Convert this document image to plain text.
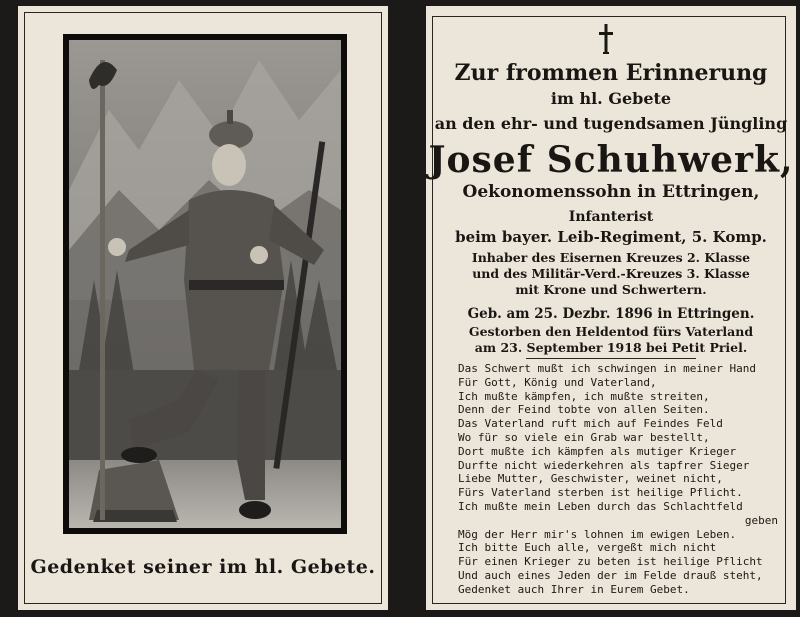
Gedenket seiner im hl. Gebete.
Zur frommen Erinnerung
im hl. Gebete
an den ehr- und tugendsamen Jüngling
Josef Schuhwerk,
Oekonomenssohn in Ettringen,
Infanterist
beim bayer. Leib-Regiment, 5. Komp.
Inhaber des Eisernen Kreuzes 2. Klasse
und des Militär-Verd.-Kreuzes 3. Klasse
mit Krone und Schwertern.
Geb. am 25. Dezbr. 1896 in Ettringen.
Gestorben den Heldentod fürs Vaterland
am 23. September 1918 bei Petit Priel.
Das Schwert mußt ich schwingen in meiner Hand
Für Gott, König und Vaterland,
Ich mußte kämpfen, ich mußte streiten,
Denn der Feind tobte von allen Seiten.
Das Vaterland ruft mich auf Feindes Feld
Wo für so viele ein Grab war bestellt,
Dort mußte ich kämpfen als mutiger Krieger
Durfte nicht wiederkehren als tapfrer Sieger
Liebe Mutter, Geschwister, weinet nicht,
Fürs Vaterland sterben ist heilige Pflicht.
Ich mußte mein Leben durch das Schlachtfeld
geben
Mög der Herr mir's lohnen im ewigen Leben.
Ich bitte Euch alle, vergeßt mich nicht
Für einen Krieger zu beten ist heilige Pflicht
Und auch eines Jeden der im Felde drauß steht,
Gedenket auch Ihrer in Eurem Gebet.
